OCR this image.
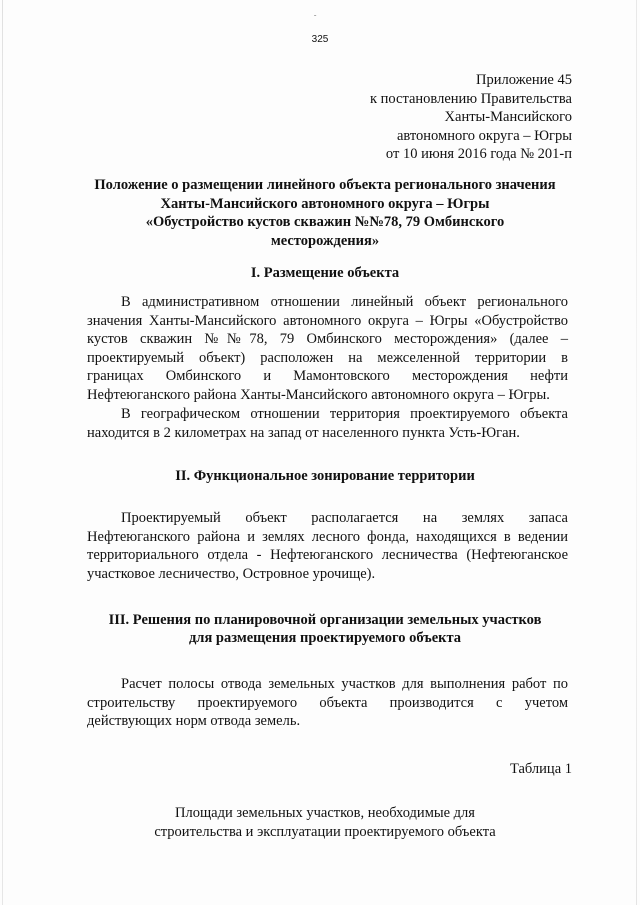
ˆ
325
Приложение 45
к постановлению Правительства
Ханты-Мансийского
автономного округа – Югры
от 10 июня 2016 года № 201-п
Положение о размещении линейного объекта регионального значения
Ханты-Мансийского автономного округа – Югры
«Обустройство кустов скважин №№78, 79 Омбинского
месторождения»
I. Размещение объекта
В административном отношении линейный объект регионального
значения Ханты-Мансийского автономного округа – Югры «Обустройство
кустов скважин №№78, 79 Омбинского месторождения» (далее –
проектируемый объект) расположен на межселенной территории в
границах Омбинского и Мамонтовского месторождения нефти
Нефтеюганского района Ханты-Мансийского автономного округа – Югры.
В географическом отношении территория проектируемого объекта
находится в 2 километрах на запад от населенного пункта Усть-Юган.
II. Функциональное зонирование территории
Проектируемый объект располагается на землях запаса
Нефтеюганского района и землях лесного фонда, находящихся в ведении
территориального отдела - Нефтеюганского лесничества (Нефтеюганское
участковое лесничество, Островное урочище).
III. Решения по планировочной организации земельных участков
для размещения проектируемого объекта
Расчет полосы отвода земельных участков для выполнения работ по
строительству проектируемого объекта производится с учетом
действующих норм отвода земель.
Таблица 1
Площади земельных участков, необходимые для
строительства и эксплуатации проектируемого объекта
